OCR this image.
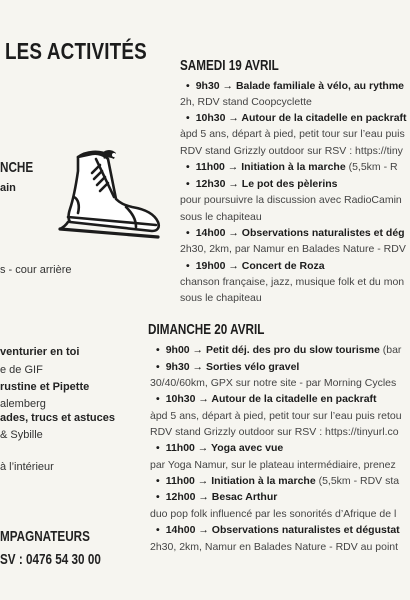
LES ACTIVITÉS
NCHE
ain
s - cour arrière
venturier en toi
e de GIF
rustine et Pipette
alemberg
ades, trucs et astuces
& Sybille
à l’intérieur
MPAGNATEURS
SV : 0476 54 30 00
SAMEDI 19 AVRIL
• 9h30 → Balade familiale à vélo, au rythme
2h, RDV stand Coopcyclette
• 10h30 → Autour de la citadelle en packraft
àpd 5 ans, départ à pied, petit tour sur l’eau puis
RDV stand Grizzly outdoor sur RSV : https://tiny
• 11h00 → Initiation à la marche (5,5km - R
• 12h30 → Le pot des pèlerins
pour poursuivre la discussion avec RadioCamin
sous le chapiteau
• 14h00 → Observations naturalistes et dég
2h30, 2km, par Namur en Balades Nature - RDV
• 19h00 → Concert de Roza
chanson française, jazz, musique folk et du mon
sous le chapiteau
DIMANCHE 20 AVRIL
• 9h00 → Petit déj. des pro du slow tourisme (bar
• 9h30 → Sorties vélo gravel
30/40/60km, GPX sur notre site - par Morning Cycles
• 10h30 → Autour de la citadelle en packraft
àpd 5 ans, départ à pied, petit tour sur l’eau puis retou
RDV stand Grizzly outdoor sur RSV : https://tinyurl.co
• 11h00 → Yoga avec vue
par Yoga Namur, sur le plateau intermédiaire, prenez
• 11h00 → Initiation à la marche (5,5km - RDV sta
• 12h00 → Besac Arthur
duo pop folk influencé par les sonorités d’Afrique de l
• 14h00 → Observations naturalistes et dégustat
2h30, 2km, Namur en Balades Nature - RDV au point
